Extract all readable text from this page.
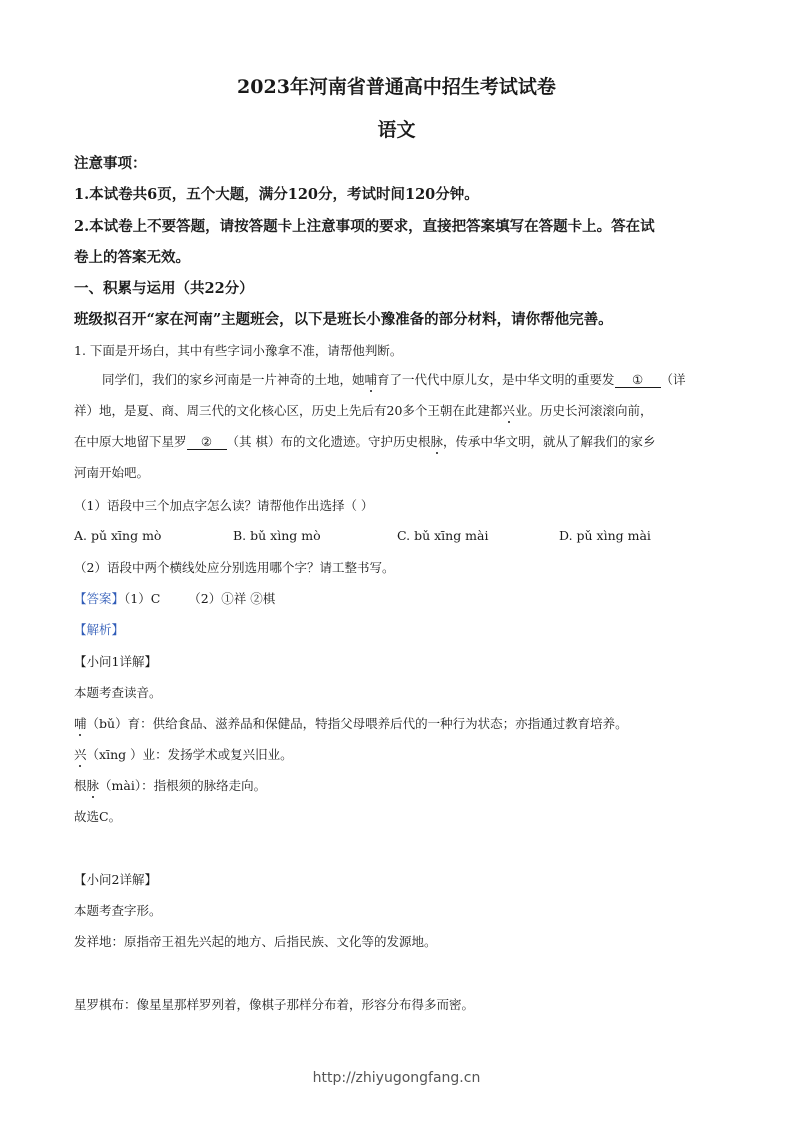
2023年河南省普通高中招生考试试卷
语文
注意事项：
1.本试卷共6页，五个大题，满分120分，考试时间120分钟。
2.本试卷上不要答题，请按答题卡上注意事项的要求，直接把答案填写在答题卡上。答在试
卷上的答案无效。
一、积累与运用（共22分）
班级拟召开“家在河南”主题班会，以下是班长小豫准备的部分材料，请你帮他完善。
1. 下面是开场白，其中有些字词小豫拿不准，请帮他判断。
同学们，我们的家乡河南是一片神奇的土地，她哺育了一代代中原儿女，是中华文明的重要发 ① （详
祥）地，是夏、商、周三代的文化核心区，历史上先后有20多个王朝在此建都兴业。历史长河滚滚向前，
在中原大地留下星罗 ② （其 棋）布的文化遗迹。守护历史根脉，传承中华文明，就从了解我们的家乡
河南开始吧。
（1）语段中三个加点字怎么读？请帮他作出选择（ ）
A. pǔ xīng mò	B. bǔ xìng mò	C. bǔ xīng mài	D. pǔ xìng mài
（2）语段中两个横线处应分别选用哪个字？请工整书写。
【答案】（1）C （2）①祥 ②棋
【解析】
【小问1详解】
本题考查读音。
哺（bǔ）育：供给食品、滋养品和保健品，特指父母喂养后代的一种行为状态；亦指通过教育培养。
兴（xīng ）业：发扬学术或复兴旧业。
根脉（mài）：指根须的脉络走向。
故选C。
【小问2详解】
本题考查字形。
发祥地：原指帝王祖先兴起的地方、后指民族、文化等的发源地。
星罗棋布：像星星那样罗列着，像棋子那样分布着，形容分布得多而密。
http://zhiyugongfang.cn
